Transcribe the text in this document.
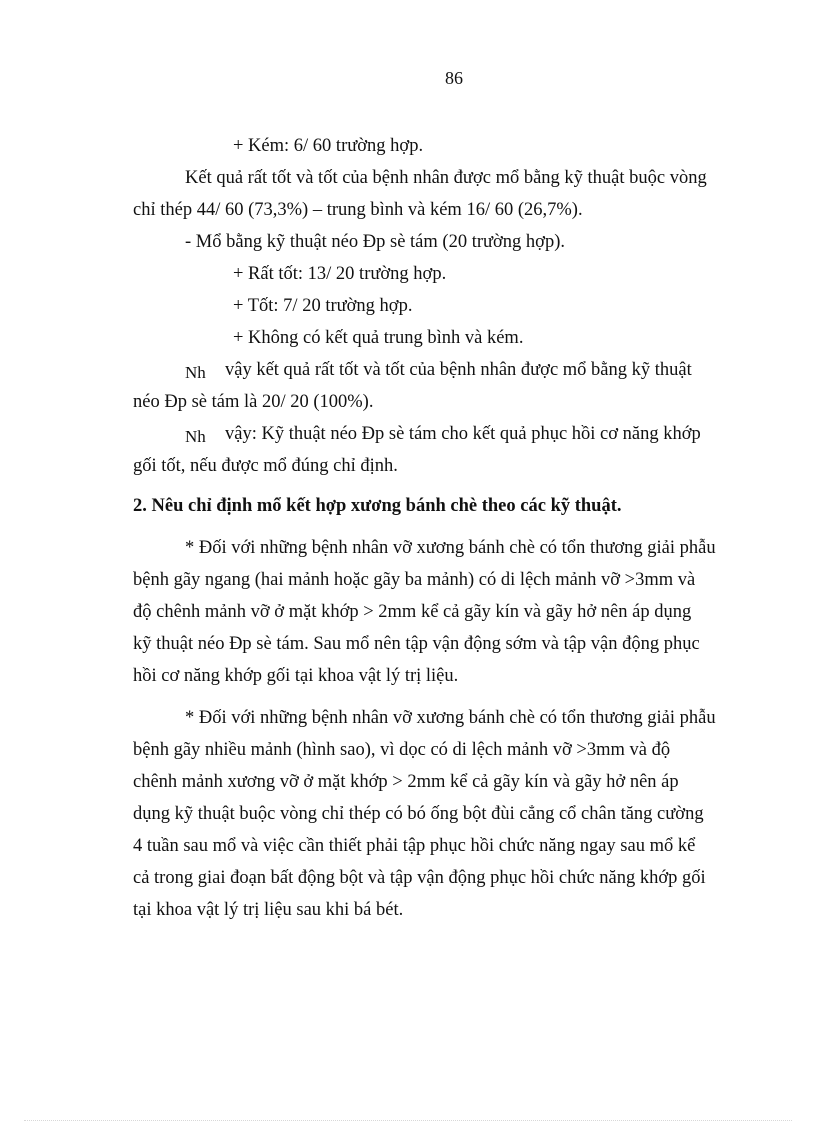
86
+ Kém: 6/ 60 trường hợp.
Kết quả rất tốt và tốt của bệnh nhân được mổ bằng kỹ thuật buộc vòng
chỉ thép 44/ 60 (73,3%) – trung bình và kém 16/ 60 (26,7%).
- Mổ bằng kỹ thuật néo Đp sè tám (20 trường hợp).
+ Rất tốt: 13/ 20 trường hợp.
+ Tốt: 7/ 20 trường hợp.
+ Không có kết quả trung bình và kém.
Nh vậy kết quả rất tốt và tốt của bệnh nhân được mổ bằng kỹ thuật
néo Đp sè tám là 20/ 20 (100%).
Nh vậy: Kỹ thuật néo Đp sè tám cho kết quả phục hồi cơ năng khớp
gối tốt, nếu được mổ đúng chỉ định.
2. Nêu chỉ định mổ kết hợp xương bánh chè theo các kỹ thuật.
* Đối với những bệnh nhân vỡ xương bánh chè có tổn thương giải phẫu
bệnh gãy ngang (hai mảnh hoặc gãy ba mảnh) có di lệch mảnh vỡ >3mm và
độ chênh mảnh vỡ ở mặt khớp > 2mm kể cả gãy kín và gãy hở nên áp dụng
kỹ thuật néo Đp sè tám. Sau mổ nên tập vận động sớm và tập vận động phục
hồi cơ năng khớp gối tại khoa vật lý trị liệu.
* Đối với những bệnh nhân vỡ xương bánh chè có tổn thương giải phẫu
bệnh gãy nhiều mảnh (hình sao), vì dọc có di lệch mảnh vỡ >3mm và độ
chênh mảnh xương vỡ ở mặt khớp > 2mm kể cả gãy kín và gãy hở nên áp
dụng kỹ thuật buộc vòng chỉ thép có bó ống bột đùi cẳng cổ chân tăng cường
4 tuần sau mổ và việc cần thiết phải tập phục hồi chức năng ngay sau mổ kể
cả trong giai đoạn bất động bột và tập vận động phục hồi chức năng khớp gối
tại khoa vật lý trị liệu sau khi bá bét.
